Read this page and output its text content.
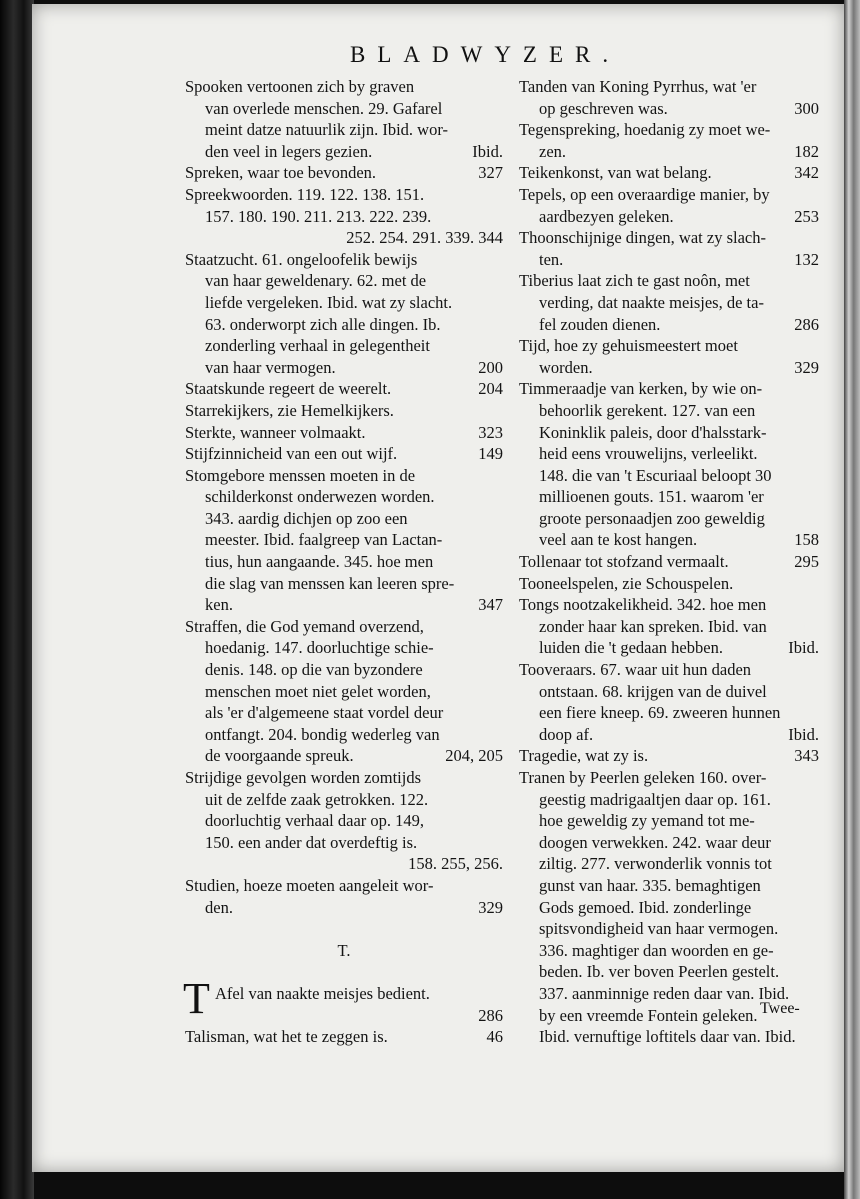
BLADWYZER.
Spooken vertoonen zich by graven
van overlede menschen. 29. Gafarel
meint datze natuurlik zijn. Ibid. wor-
den veel in legers gezien.	Ibid.
Spreken, waar toe bevonden.	327
Spreekwoorden. 119. 122. 138. 151.
157. 180. 190. 211. 213. 222. 239.
252. 254. 291. 339. 344
Staatzucht. 61. ongeloofelik bewijs
van haar geweldenary. 62. met de
liefde vergeleken. Ibid. wat zy slacht.
63. onderworpt zich alle dingen. Ib.
zonderling verhaal in gelegentheit
van haar vermogen.	200
Staatskunde regeert de weerelt.	204
Starrekijkers, zie Hemelkijkers.
Sterkte, wanneer volmaakt.	323
Stijfzinnicheid van een out wijf.	149
Stomgebore menssen moeten in de
schilderkonst onderwezen worden.
343. aardig dichjen op zoo een
meester. Ibid. faalgreep van Lactan-
tius, hun aangaande. 345. hoe men
die slag van menssen kan leeren spre-
ken.	347
Straffen, die God yemand overzend,
hoedanig. 147. doorluchtige schie-
denis. 148. op die van byzondere
menschen moet niet gelet worden,
als 'er d'algemeene staat vordel deur
ontfangt. 204. bondig wederleg van
de voorgaande spreuk.	204, 205
Strijdige gevolgen worden zomtijds
uit de zelfde zaak getrokken. 122.
doorluchtig verhaal daar op. 149,
150. een ander dat overdeftig is.
158. 255, 256.
Studien, hoeze moeten aangeleit wor-
den.	329
T.
T Afel van naakte meisjes bedient.
286
Talisman, wat het te zeggen is.	46
Tanden van Koning Pyrrhus, wat 'er
op geschreven was.	300
Tegenspreking, hoedanig zy moet we-
zen.	182
Teikenkonst, van wat belang.	342
Tepels, op een overaardige manier, by
aardbezyen geleken.	253
Thoonschijnige dingen, wat zy slach-
ten.	132
Tiberius laat zich te gast noôn, met
verding, dat naakte meisjes, de ta-
fel zouden dienen.	286
Tijd, hoe zy gehuismeestert moet
worden.	329
Timmeraadje van kerken, by wie on-
behoorlik gerekent. 127. van een
Koninklik paleis, door d'halsstark-
heid eens vrouwelijns, verleelikt.
148. die van 't Escuriaal beloopt 30
millioenen gouts. 151. waarom 'er
groote personaadjen zoo geweldig
veel aan te kost hangen.	158
Tollenaar tot stofzand vermaalt.	295
Tooneelspelen, zie Schouspelen.
Tongs nootzakelikheid. 342. hoe men
zonder haar kan spreken. Ibid. van
luiden die 't gedaan hebben.	Ibid.
Tooveraars. 67. waar uit hun daden
ontstaan. 68. krijgen van de duivel
een fiere kneep. 69. zweeren hunnen
doop af.	Ibid.
Tragedie, wat zy is.	343
Tranen by Peerlen geleken 160. over-
geestig madrigaaltjen daar op. 161.
hoe geweldig zy yemand tot me-
doogen verwekken. 242. waar deur
ziltig. 277. verwonderlik vonnis tot
gunst van haar. 335. bemaghtigen
Gods gemoed. Ibid. zonderlinge
spitsvondigheid van haar vermogen.
336. maghtiger dan woorden en ge-
beden. Ib. ver boven Peerlen gestelt.
337. aanminnige reden daar van. Ibid.
by een vreemde Fontein geleken.
Ibid. vernuftige loftitels daar van. Ibid.
Twee-
